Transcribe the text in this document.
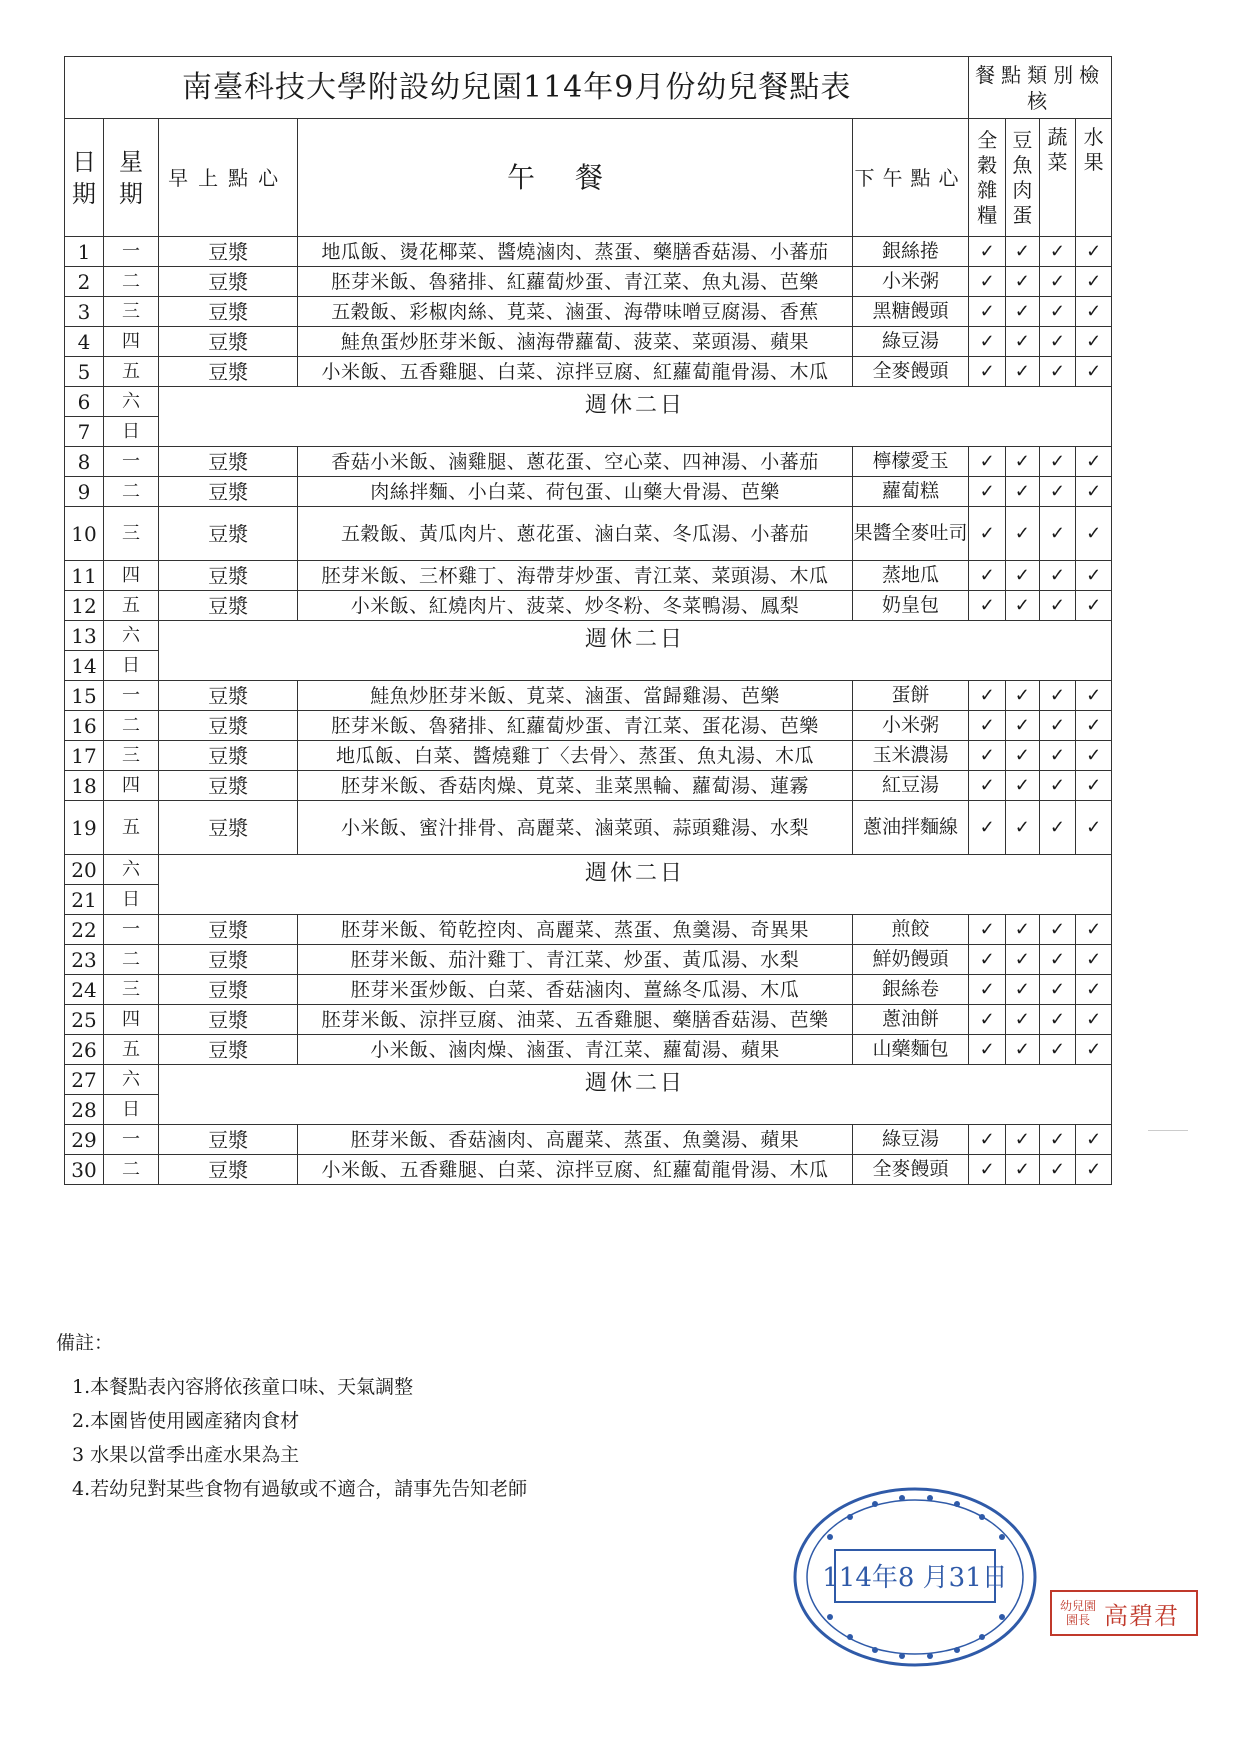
南臺科技大學附設幼兒園114年9月份幼兒餐點表					餐點類別檢核			
日期	星期	早上點心	午餐	下午點心	全穀雜糧	豆魚肉蛋	蔬菜	水果
1	一	豆漿	地瓜飯、燙花椰菜、醬燒滷肉、蒸蛋、藥膳香菇湯、小蕃茄	銀絲捲	✓	✓	✓	✓
2	二	豆漿	胚芽米飯、魯豬排、紅蘿蔔炒蛋、青江菜、魚丸湯、芭樂	小米粥	✓	✓	✓	✓
3	三	豆漿	五穀飯、彩椒肉絲、莧菜、滷蛋、海帶味噌豆腐湯、香蕉	黑糖饅頭	✓	✓	✓	✓
4	四	豆漿	鮭魚蛋炒胚芽米飯、滷海帶蘿蔔、菠菜、菜頭湯、蘋果	綠豆湯	✓	✓	✓	✓
5	五	豆漿	小米飯、五香雞腿、白菜、涼拌豆腐、紅蘿蔔龍骨湯、木瓜	全麥饅頭	✓	✓	✓	✓
6	六	週休二日						
7	日							
8	一	豆漿	香菇小米飯、滷雞腿、蔥花蛋、空心菜、四神湯、小蕃茄	檸檬愛玉	✓	✓	✓	✓
9	二	豆漿	肉絲拌麵、小白菜、荷包蛋、山藥大骨湯、芭樂	蘿蔔糕	✓	✓	✓	✓
10	三	豆漿	五穀飯、黃瓜肉片、蔥花蛋、滷白菜、冬瓜湯、小蕃茄	果醬全麥吐司	✓	✓	✓	✓
11	四	豆漿	胚芽米飯、三杯雞丁、海帶芽炒蛋、青江菜、菜頭湯、木瓜	蒸地瓜	✓	✓	✓	✓
12	五	豆漿	小米飯、紅燒肉片、菠菜、炒冬粉、冬菜鴨湯、鳳梨	奶皇包	✓	✓	✓	✓
13	六	週休二日						
14	日							
15	一	豆漿	鮭魚炒胚芽米飯、莧菜、滷蛋、當歸雞湯、芭樂	蛋餅	✓	✓	✓	✓
16	二	豆漿	胚芽米飯、魯豬排、紅蘿蔔炒蛋、青江菜、蛋花湯、芭樂	小米粥	✓	✓	✓	✓
17	三	豆漿	地瓜飯、白菜、醬燒雞丁〈去骨〉、蒸蛋、魚丸湯、木瓜	玉米濃湯	✓	✓	✓	✓
18	四	豆漿	胚芽米飯、香菇肉燥、莧菜、韭菜黑輪、蘿蔔湯、蓮霧	紅豆湯	✓	✓	✓	✓
19	五	豆漿	小米飯、蜜汁排骨、高麗菜、滷菜頭、蒜頭雞湯、水梨	蔥油拌麵線	✓	✓	✓	✓
20	六	週休二日						
21	日							
22	一	豆漿	胚芽米飯、筍乾控肉、高麗菜、蒸蛋、魚羹湯、奇異果	煎餃	✓	✓	✓	✓
23	二	豆漿	胚芽米飯、茄汁雞丁、青江菜、炒蛋、黃瓜湯、水梨	鮮奶饅頭	✓	✓	✓	✓
24	三	豆漿	胚芽米蛋炒飯、白菜、香菇滷肉、薑絲冬瓜湯、木瓜	銀絲卷	✓	✓	✓	✓
25	四	豆漿	胚芽米飯、涼拌豆腐、油菜、五香雞腿、藥膳香菇湯、芭樂	蔥油餅	✓	✓	✓	✓
26	五	豆漿	小米飯、滷肉燥、滷蛋、青江菜、蘿蔔湯、蘋果	山藥麵包	✓	✓	✓	✓
27	六	週休二日						
28	日							
29	一	豆漿	胚芽米飯、香菇滷肉、高麗菜、蒸蛋、魚羹湯、蘋果	綠豆湯	✓	✓	✓	✓
30	二	豆漿	小米飯、五香雞腿、白菜、涼拌豆腐、紅蘿蔔龍骨湯、木瓜	全麥饅頭	✓	✓	✓	✓
備註：
1.本餐點表內容將依孩童口味、天氣調整
2.本園皆使用國產豬肉食材
3 水果以當季出產水果為主
4.若幼兒對某些食物有過敏或不適合，請事先告知老師
114年8 月31日
幼兒園園長 高碧君
